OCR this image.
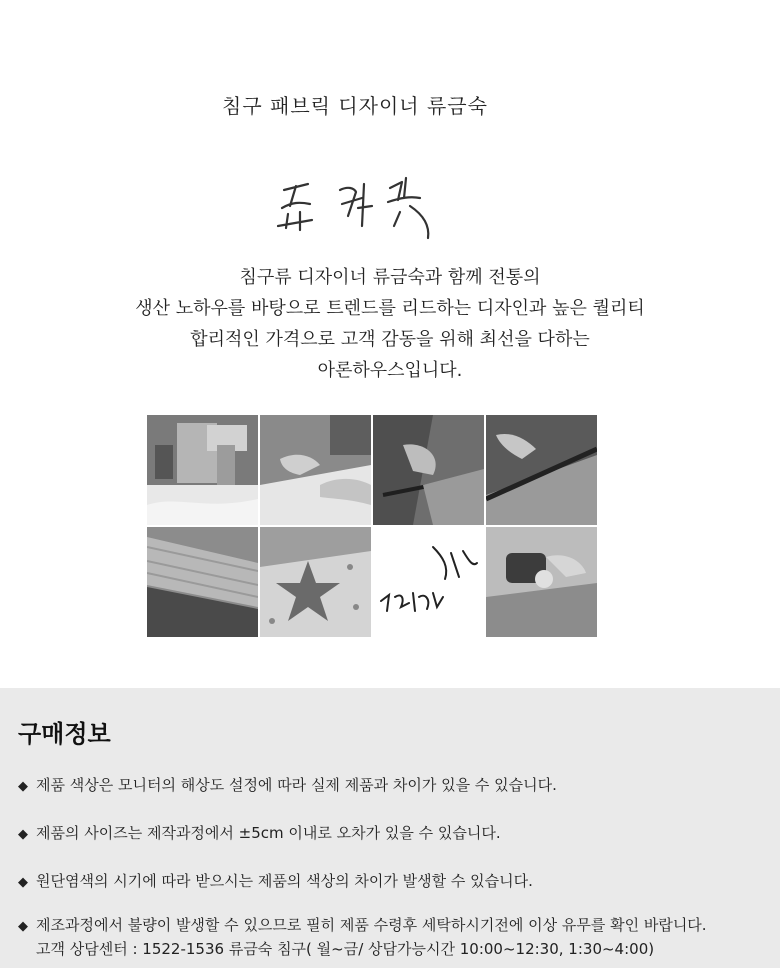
침구 패브릭 디자이너 류금숙
침구류 디자이너 류금숙과 함께 전통의
생산 노하우를 바탕으로 트렌드를 리드하는 디자인과 높은 퀄리티
합리적인 가격으로 고객 감동을 위해 최선을 다하는
아론하우스입니다.
구매정보
◆ 제품 색상은 모니터의 해상도 설정에 따라 실제 제품과 차이가 있을 수 있습니다.
◆ 제품의 사이즈는 제작과정에서 ±5cm 이내로 오차가 있을 수 있습니다.
◆ 원단염색의 시기에 따라 받으시는 제품의 색상의 차이가 발생할 수 있습니다.
◆ 제조과정에서 불량이 발생할 수 있으므로 필히 제품 수령후 세탁하시기전에 이상 유무를 확인 바랍니다.
고객 상담센터 : 1522-1536 류금숙 침구( 월~금/ 상담가능시간 10:00~12:30, 1:30~4:00)
